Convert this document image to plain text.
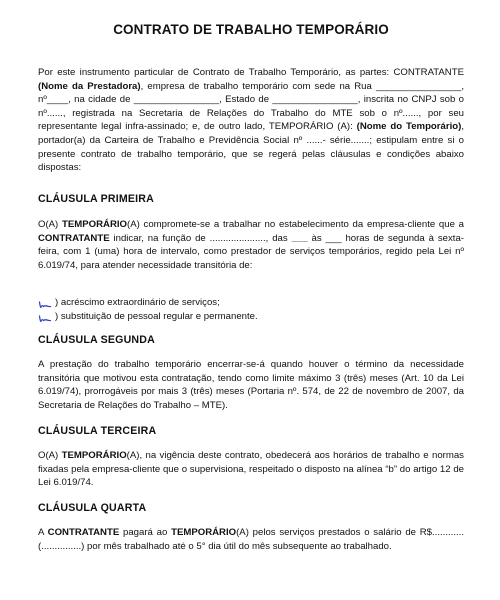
CONTRATO DE TRABALHO TEMPORÁRIO

Por este instrumento particular de Contrato de Trabalho Temporário, as partes: CONTRATANTE (Nome da Prestadora), empresa de trabalho temporário com sede na Rua ________________, nº____, na cidade de ________________, Estado de ________________, inscrita no CNPJ sob o nº......, registrada na Secretaria de Relações do Trabalho do MTE sob o nº......, por seu representante legal infra-assinado; e, de outro lado, TEMPORÁRIO (A): (Nome do Temporário), portador(a) da Carteira de Trabalho e Previdência Social nº ......- série.......; estipulam entre si o presente contrato de trabalho temporário, que se regerá pelas cláusulas e condições abaixo dispostas:

CLÁUSULA PRIMEIRA

O(A) TEMPORÁRIO(A) compromete-se a trabalhar no estabelecimento da empresa-cliente que a CONTRATANTE indicar, na função de ....................., das ___ às ___ horas de segunda à sexta-feira, com 1 (uma) hora de intervalo, como prestador de serviços temporários, regido pela Lei nº 6.019/74, para atender necessidade transitória de:

) acréscimo extraordinário de serviços;
) substituição de pessoal regular e permanente.
CLÁUSULA SEGUNDA

A prestação do trabalho temporário encerrar-se-á quando houver o término da necessidade transitória que motivou esta contratação, tendo como limite máximo 3 (três) meses (Art. 10 da Lei 6.019/74), prorrogáveis por mais 3 (três) meses (Portaria nº. 574, de 22 de novembro de 2007, da Secretaria de Relações do Trabalho – MTE).

CLÁUSULA TERCEIRA

O(A) TEMPORÁRIO(A), na vigência deste contrato, obedecerá aos horários de trabalho e normas fixadas pela empresa-cliente que o supervisiona, respeitado o disposto na alínea “b” do artigo 12 de Lei 6.019/74.

CLÁUSULA QUARTA

A CONTRATANTE pagará ao TEMPORÁRIO(A) pelos serviços prestados o salário de R$............ (...............) por mês trabalhado até o 5° dia útil do mês subsequente ao trabalhado.
